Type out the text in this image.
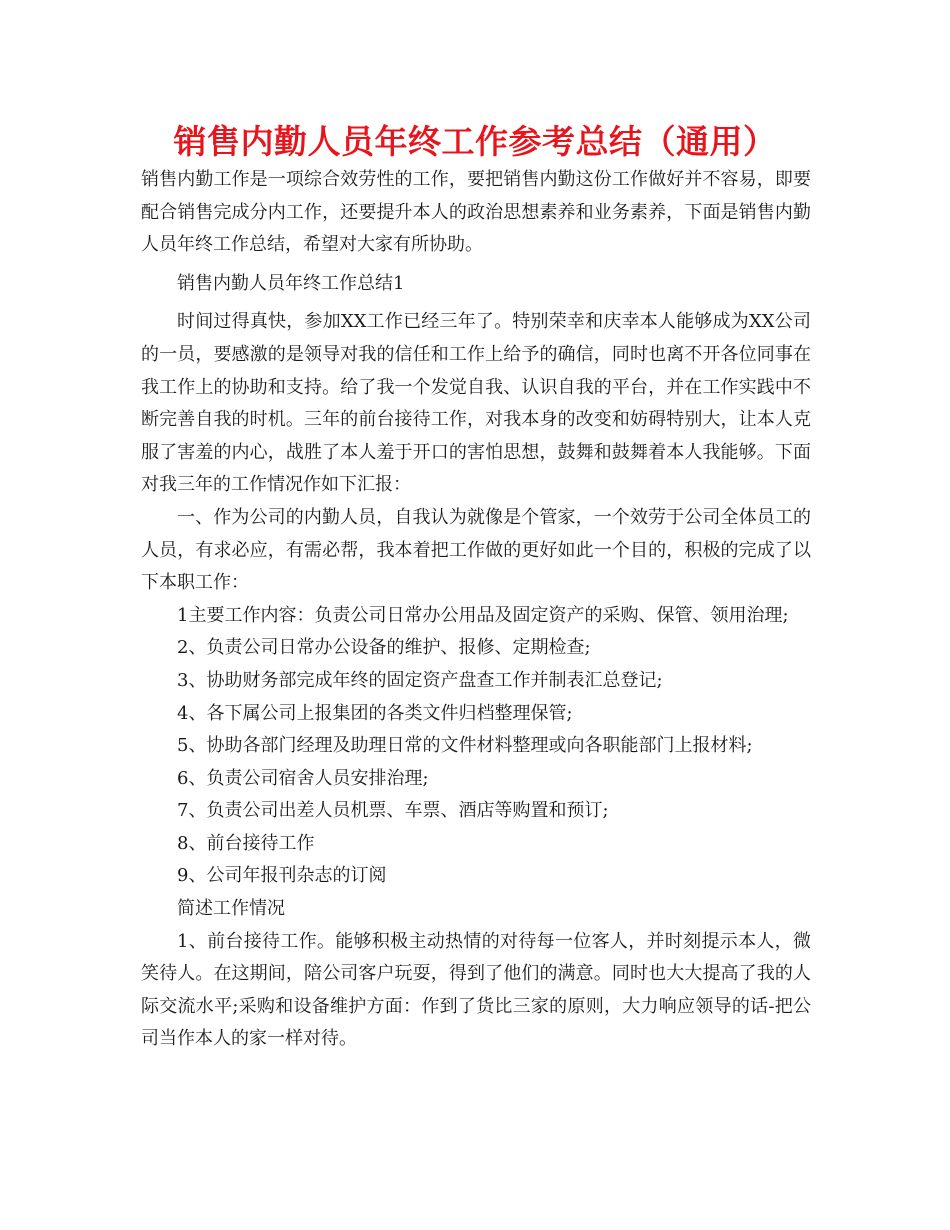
销售内勤人员年终工作参考总结（通用）

销售内勤工作是一项综合效劳性的工作，要把销售内勤这份工作做好并不容易，即要配合销售完成分内工作，还要提升本人的政治思想素养和业务素养，下面是销售内勤人员年终工作总结，希望对大家有所协助。

销售内勤人员年终工作总结1

时间过得真快，参加XX工作已经三年了。特别荣幸和庆幸本人能够成为XX公司的一员，要感激的是领导对我的信任和工作上给予的确信，同时也离不开各位同事在我工作上的协助和支持。给了我一个发觉自我、认识自我的平台，并在工作实践中不断完善自我的时机。三年的前台接待工作，对我本身的改变和妨碍特别大，让本人克服了害羞的内心，战胜了本人羞于开口的害怕思想，鼓舞和鼓舞着本人我能够。下面对我三年的工作情况作如下汇报：

一、作为公司的内勤人员，自我认为就像是个管家，一个效劳于公司全体员工的人员，有求必应，有需必帮，我本着把工作做的更好如此一个目的，积极的完成了以下本职工作：

1主要工作内容：负责公司日常办公用品及固定资产的采购、保管、领用治理;

2、负责公司日常办公设备的维护、报修、定期检查;

3、协助财务部完成年终的固定资产盘查工作并制表汇总登记;

4、各下属公司上报集团的各类文件归档整理保管;

5、协助各部门经理及助理日常的文件材料整理或向各职能部门上报材料;

6、负责公司宿舍人员安排治理;

7、负责公司出差人员机票、车票、酒店等购置和预订;

8、前台接待工作

9、公司年报刊杂志的订阅

简述工作情况

1、前台接待工作。能够积极主动热情的对待每一位客人，并时刻提示本人，微笑待人。在这期间，陪公司客户玩耍，得到了他们的满意。同时也大大提高了我的人际交流水平;采购和设备维护方面：作到了货比三家的原则，大力响应领导的话-把公司当作本人的家一样对待。
